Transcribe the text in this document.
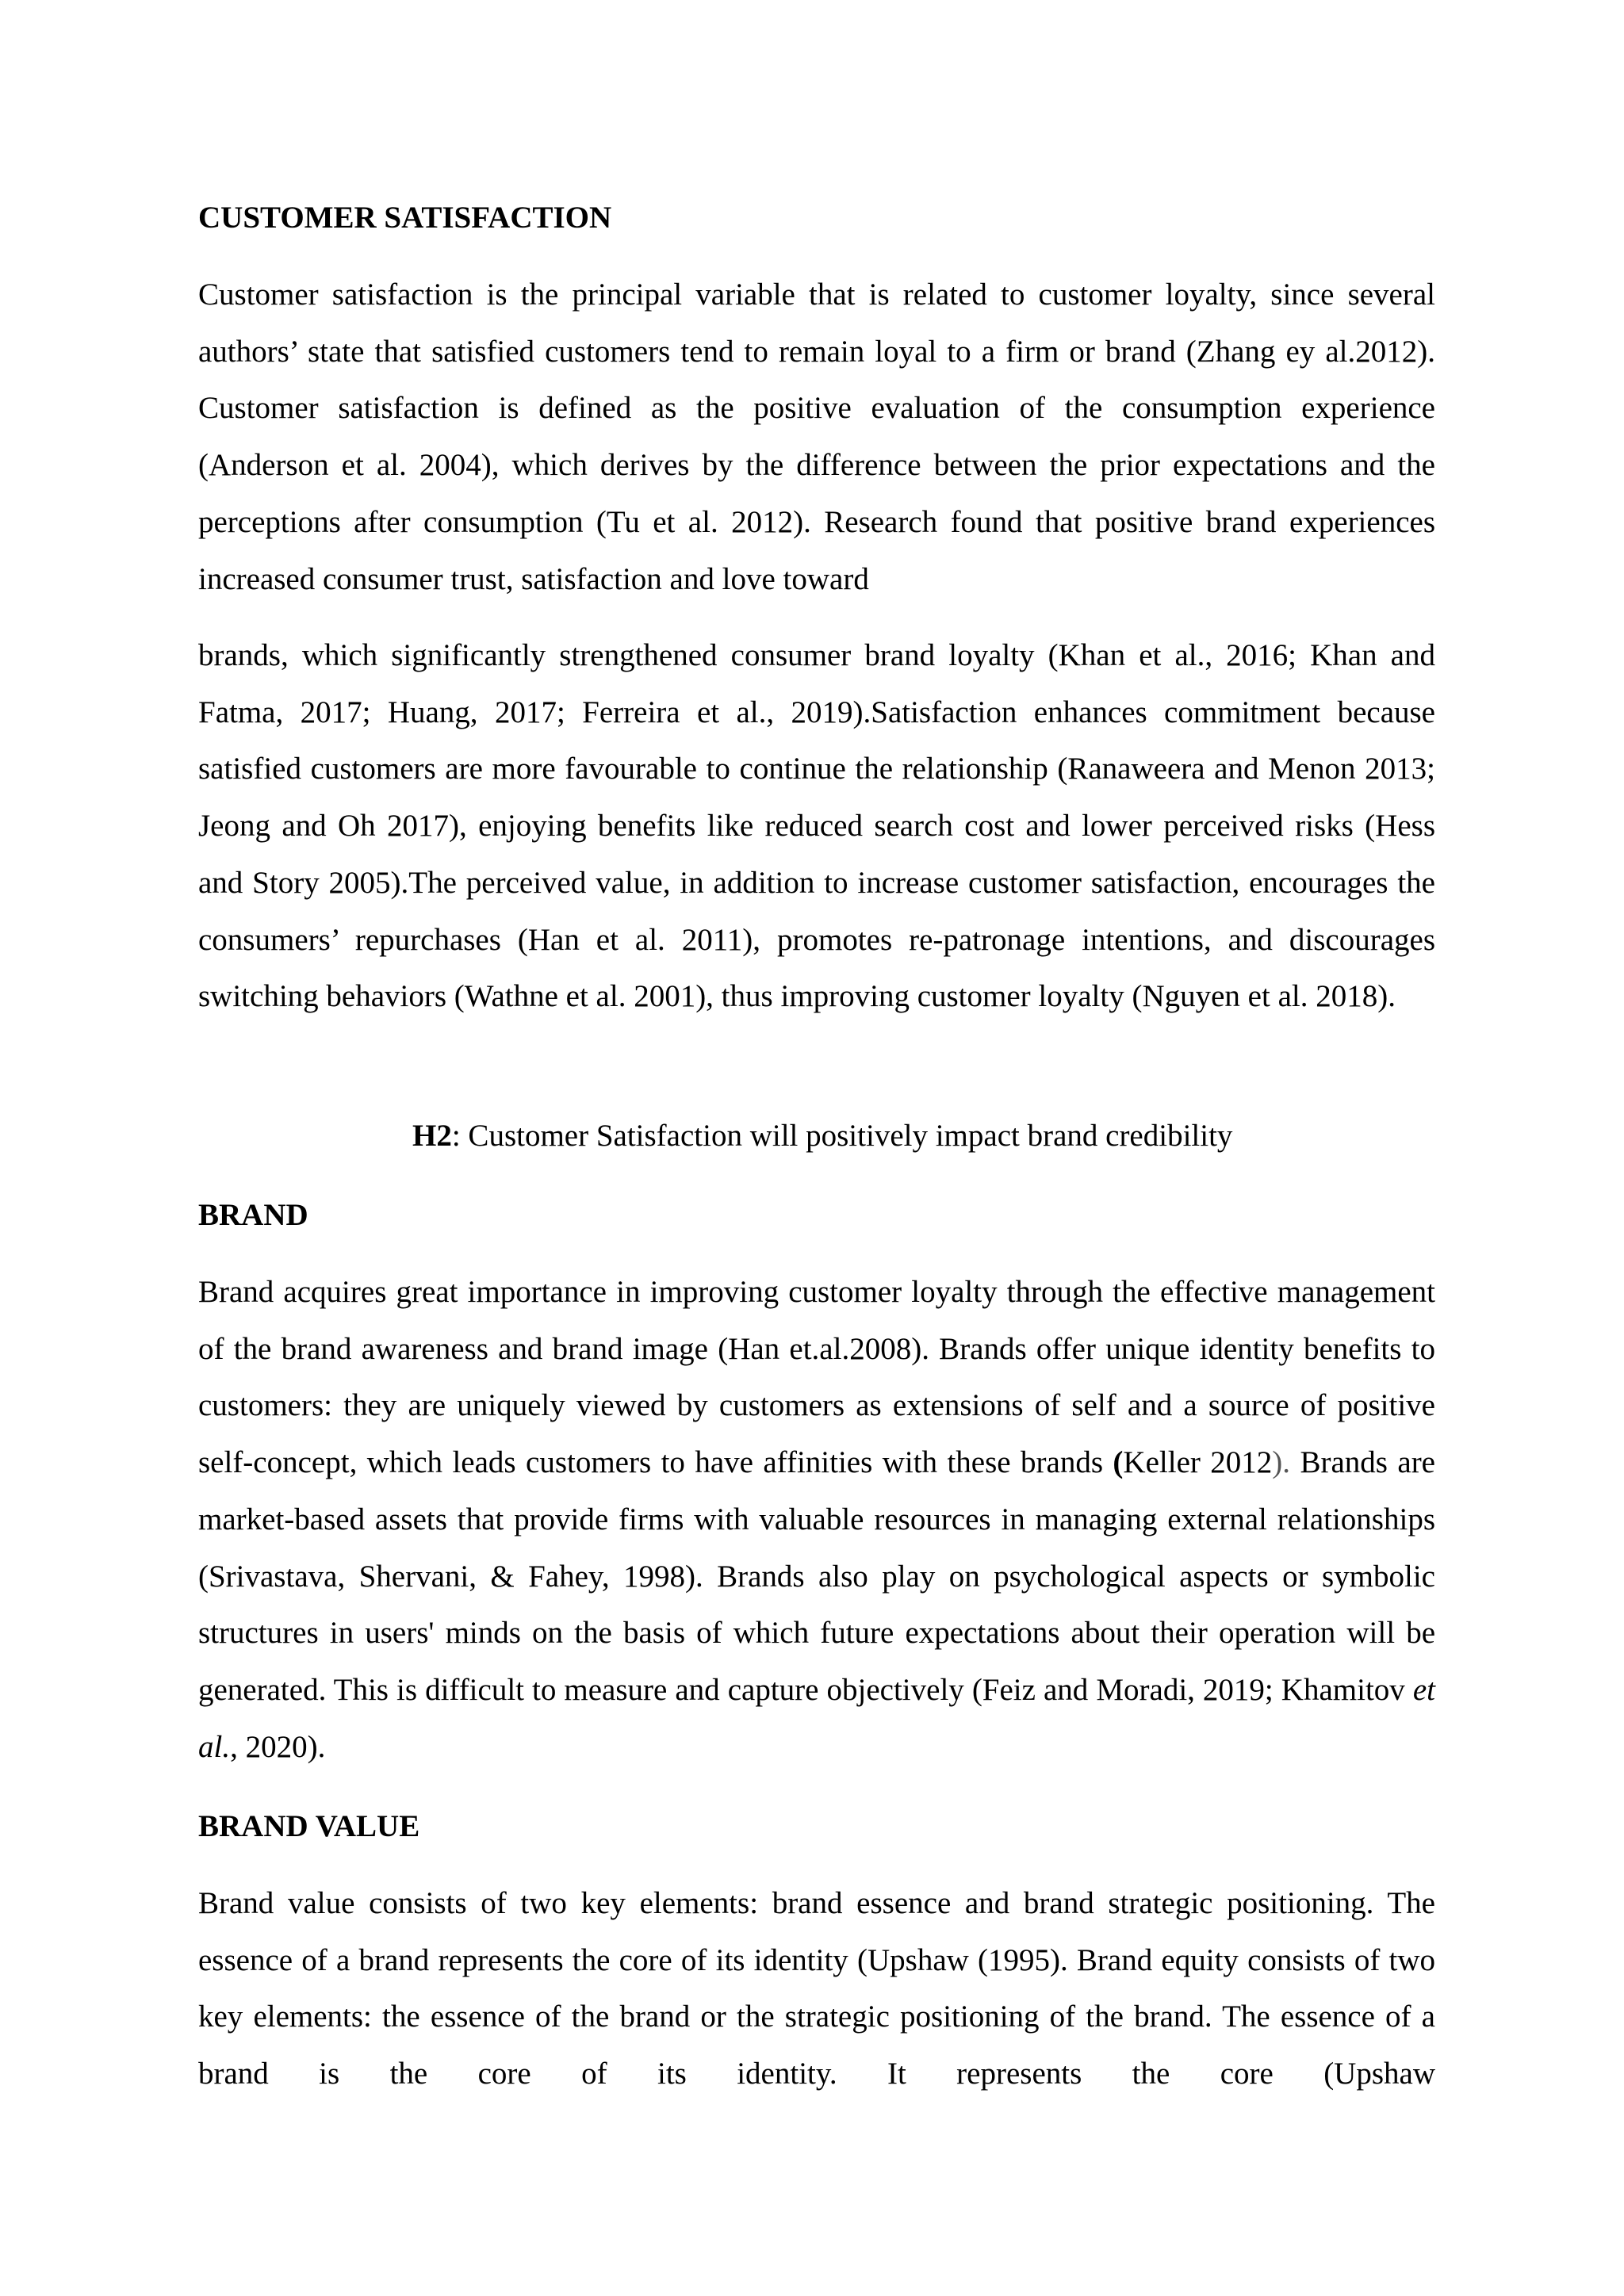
CUSTOMER SATISFACTION

Customer satisfaction is the principal variable that is related to customer loyalty, since several authors’ state that satisfied customers tend to remain loyal to a firm or brand (Zhang ey al.2012). Customer satisfaction is defined as the positive evaluation of the consumption experience (Anderson et al. 2004), which derives by the difference between the prior expectations and the perceptions after consumption (Tu et al. 2012). Research found that positive brand experiences increased consumer trust, satisfaction and love toward

brands, which significantly strengthened consumer brand loyalty (Khan et al., 2016; Khan and Fatma, 2017; Huang, 2017; Ferreira et al., 2019).Satisfaction enhances commitment because satisfied customers are more favourable to continue the relationship (Ranaweera and Menon 2013; Jeong and Oh 2017), enjoying benefits like reduced search cost and lower perceived risks (Hess and Story 2005).The perceived value, in addition to increase customer satisfaction, encourages the consumers’ repurchases (Han et al. 2011), promotes re-patronage intentions, and discourages switching behaviors (Wathne et al. 2001), thus improving customer loyalty (Nguyen et al. 2018).

H2: Customer Satisfaction will positively impact brand credibility

BRAND

Brand acquires great importance in improving customer loyalty through the effective management of the brand awareness and brand image (Han et.al.2008). Brands offer unique identity benefits to customers: they are uniquely viewed by customers as extensions of self and a source of positive self-concept, which leads customers to have affinities with these brands (Keller 2012). Brands are market-based assets that provide firms with valuable resources in managing external relationships (Srivastava, Shervani, & Fahey, 1998). Brands also play on psychological aspects or symbolic structures in users' minds on the basis of which future expectations about their operation will be generated. This is difficult to measure and capture objectively (Feiz and Moradi, 2019; Khamitov et al., 2020).

BRAND VALUE

Brand value consists of two key elements: brand essence and brand strategic positioning. The essence of a brand represents the core of its identity (Upshaw (1995). Brand equity consists of two key elements: the essence of the brand or the strategic positioning of the brand. The essence of a brand is the core of its identity. It represents the core (Upshaw
